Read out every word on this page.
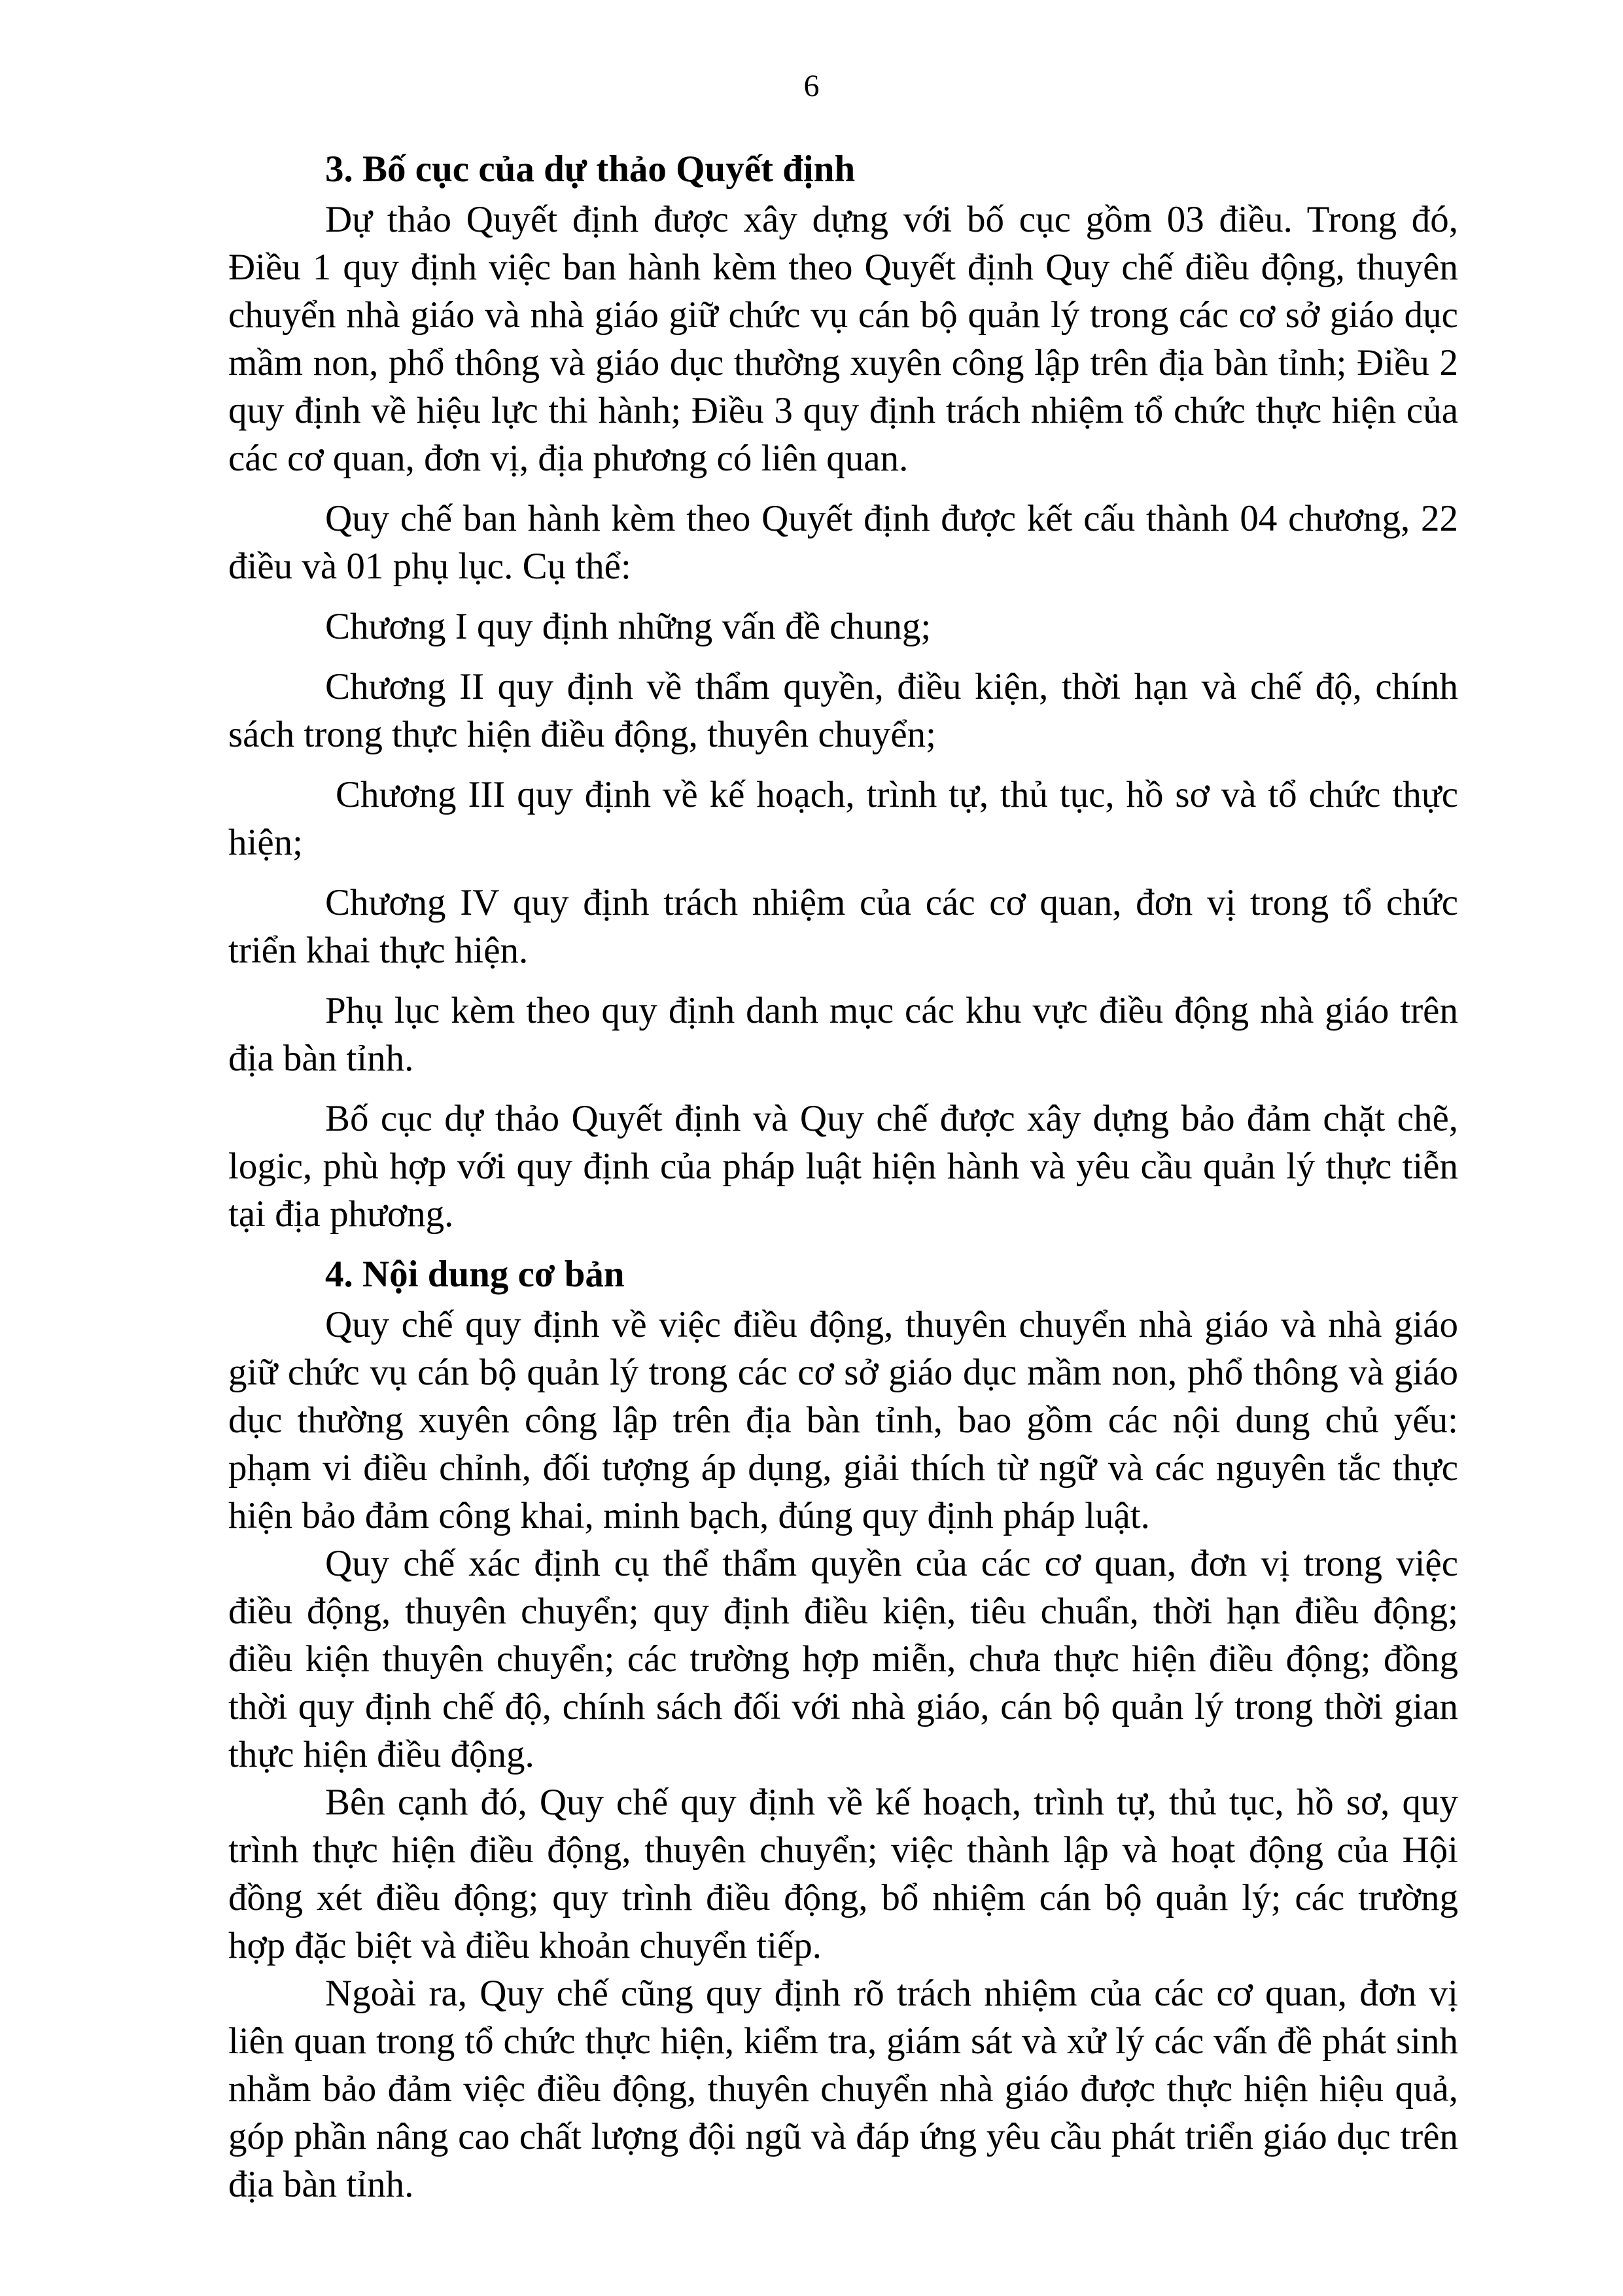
6
3. Bố cục của dự thảo Quyết định

Dự thảo Quyết định được xây dựng với bố cục gồm 03 điều. Trong đó, Điều 1 quy định việc ban hành kèm theo Quyết định Quy chế điều động, thuyên chuyển nhà giáo và nhà giáo giữ chức vụ cán bộ quản lý trong các cơ sở giáo dục mầm non, phổ thông và giáo dục thường xuyên công lập trên địa bàn tỉnh; Điều 2 quy định về hiệu lực thi hành; Điều 3 quy định trách nhiệm tổ chức thực hiện của các cơ quan, đơn vị, địa phương có liên quan.

Quy chế ban hành kèm theo Quyết định được kết cấu thành 04 chương, 22 điều và 01 phụ lục. Cụ thể:

Chương I quy định những vấn đề chung;

Chương II quy định về thẩm quyền, điều kiện, thời hạn và chế độ, chính sách trong thực hiện điều động, thuyên chuyển;

Chương III quy định về kế hoạch, trình tự, thủ tục, hồ sơ và tổ chức thực hiện;

Chương IV quy định trách nhiệm của các cơ quan, đơn vị trong tổ chức triển khai thực hiện.

Phụ lục kèm theo quy định danh mục các khu vực điều động nhà giáo trên địa bàn tỉnh.

Bố cục dự thảo Quyết định và Quy chế được xây dựng bảo đảm chặt chẽ, logic, phù hợp với quy định của pháp luật hiện hành và yêu cầu quản lý thực tiễn tại địa phương.

4. Nội dung cơ bản

Quy chế quy định về việc điều động, thuyên chuyển nhà giáo và nhà giáo giữ chức vụ cán bộ quản lý trong các cơ sở giáo dục mầm non, phổ thông và giáo dục thường xuyên công lập trên địa bàn tỉnh, bao gồm các nội dung chủ yếu: phạm vi điều chỉnh, đối tượng áp dụng, giải thích từ ngữ và các nguyên tắc thực hiện bảo đảm công khai, minh bạch, đúng quy định pháp luật.

Quy chế xác định cụ thể thẩm quyền của các cơ quan, đơn vị trong việc điều động, thuyên chuyển; quy định điều kiện, tiêu chuẩn, thời hạn điều động; điều kiện thuyên chuyển; các trường hợp miễn, chưa thực hiện điều động; đồng thời quy định chế độ, chính sách đối với nhà giáo, cán bộ quản lý trong thời gian thực hiện điều động.

Bên cạnh đó, Quy chế quy định về kế hoạch, trình tự, thủ tục, hồ sơ, quy trình thực hiện điều động, thuyên chuyển; việc thành lập và hoạt động của Hội đồng xét điều động; quy trình điều động, bổ nhiệm cán bộ quản lý; các trường hợp đặc biệt và điều khoản chuyển tiếp.

Ngoài ra, Quy chế cũng quy định rõ trách nhiệm của các cơ quan, đơn vị liên quan trong tổ chức thực hiện, kiểm tra, giám sát và xử lý các vấn đề phát sinh nhằm bảo đảm việc điều động, thuyên chuyển nhà giáo được thực hiện hiệu quả, góp phần nâng cao chất lượng đội ngũ và đáp ứng yêu cầu phát triển giáo dục trên địa bàn tỉnh.
